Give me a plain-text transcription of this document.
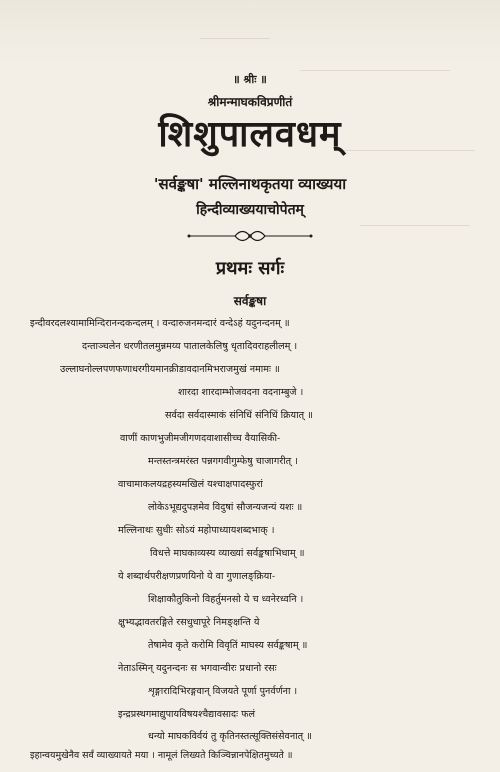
॥ श्रीः ॥
श्रीमन्माघकविप्रणीतं
शिशुपालवधम्
'सर्वङ्कषा' मल्लिनाथकृतया व्याख्यया
हिन्दीव्याख्ययाचोपेतम्
प्रथमः सर्गः
सर्वङ्कषा
इन्दीवरदलश्यामामिन्दिरानन्दकन्दलम् । वन्दारुजनमन्दारं वन्देऽहं यदुनन्दनम् ॥
दन्ताञ्चलेन धरणीतलमुन्नमय्य पातालकेलिषु धृतादिवराहलीलम् ।
उल्लाघनोल्लपणफणाधरगीयमानक्रीडावदानमिभराजमुखं नमामः ॥
शारदा शारदाम्भोजवदना वदनाम्बुजे ।
सर्वदा सर्वदास्माकं संनिधिं संनिधिं क्रियात् ॥
वाणीं काणभुजीमजीगणदवाशासीच्च वैयासिकी-
मन्तस्तन्त्रमरंस्त पन्नगगवीगुम्फेषु चाजागरीत् ।
वाचामाकलयद्रहस्यमखिलं यश्चाक्षपादस्फुरां
लोकेऽभूद्यदुपज्ञमेव विदुषां सौजन्यजन्यं यशः ॥
मल्लिनाथः सुधीः सोऽयं महोपाध्यायशब्दभाक् ।
विधत्ते माघकाव्यस्य व्याख्यां सर्वङ्कषाभिधाम् ॥
ये शब्दार्थपरीक्षणप्रणयिनो ये वा गुणालङ्क्रिया-
शिक्षाकौतुकिनो विहर्तुमनसो ये च ध्वनेरध्वनि ।
क्षुभ्यद्भावतरङ्गिते रसधुधापूरे निमङ्क्षन्ति ये
तेषामेव कृते करोमि विवृतिं माघस्य सर्वङ्कषाम् ॥
नेताऽस्मिन् यदुनन्दनः स भगवान्वीरः प्रधानो रसः
शृङ्गारादिभिरङ्गवान् विजयते पूर्णा पुनर्वर्णना ।
इन्द्रप्रस्थगमाद्युपायविषयश्चैद्यावसादः फलं
धन्यो माघकविर्वयं तु कृतिनस्तत्सूक्तिसंसेवनात् ॥
इहान्वयमुखेनैव सर्वं व्याख्यायते मया । नामूलं लिख्यते किञ्चिन्नानपेक्षितमुच्यते ॥
